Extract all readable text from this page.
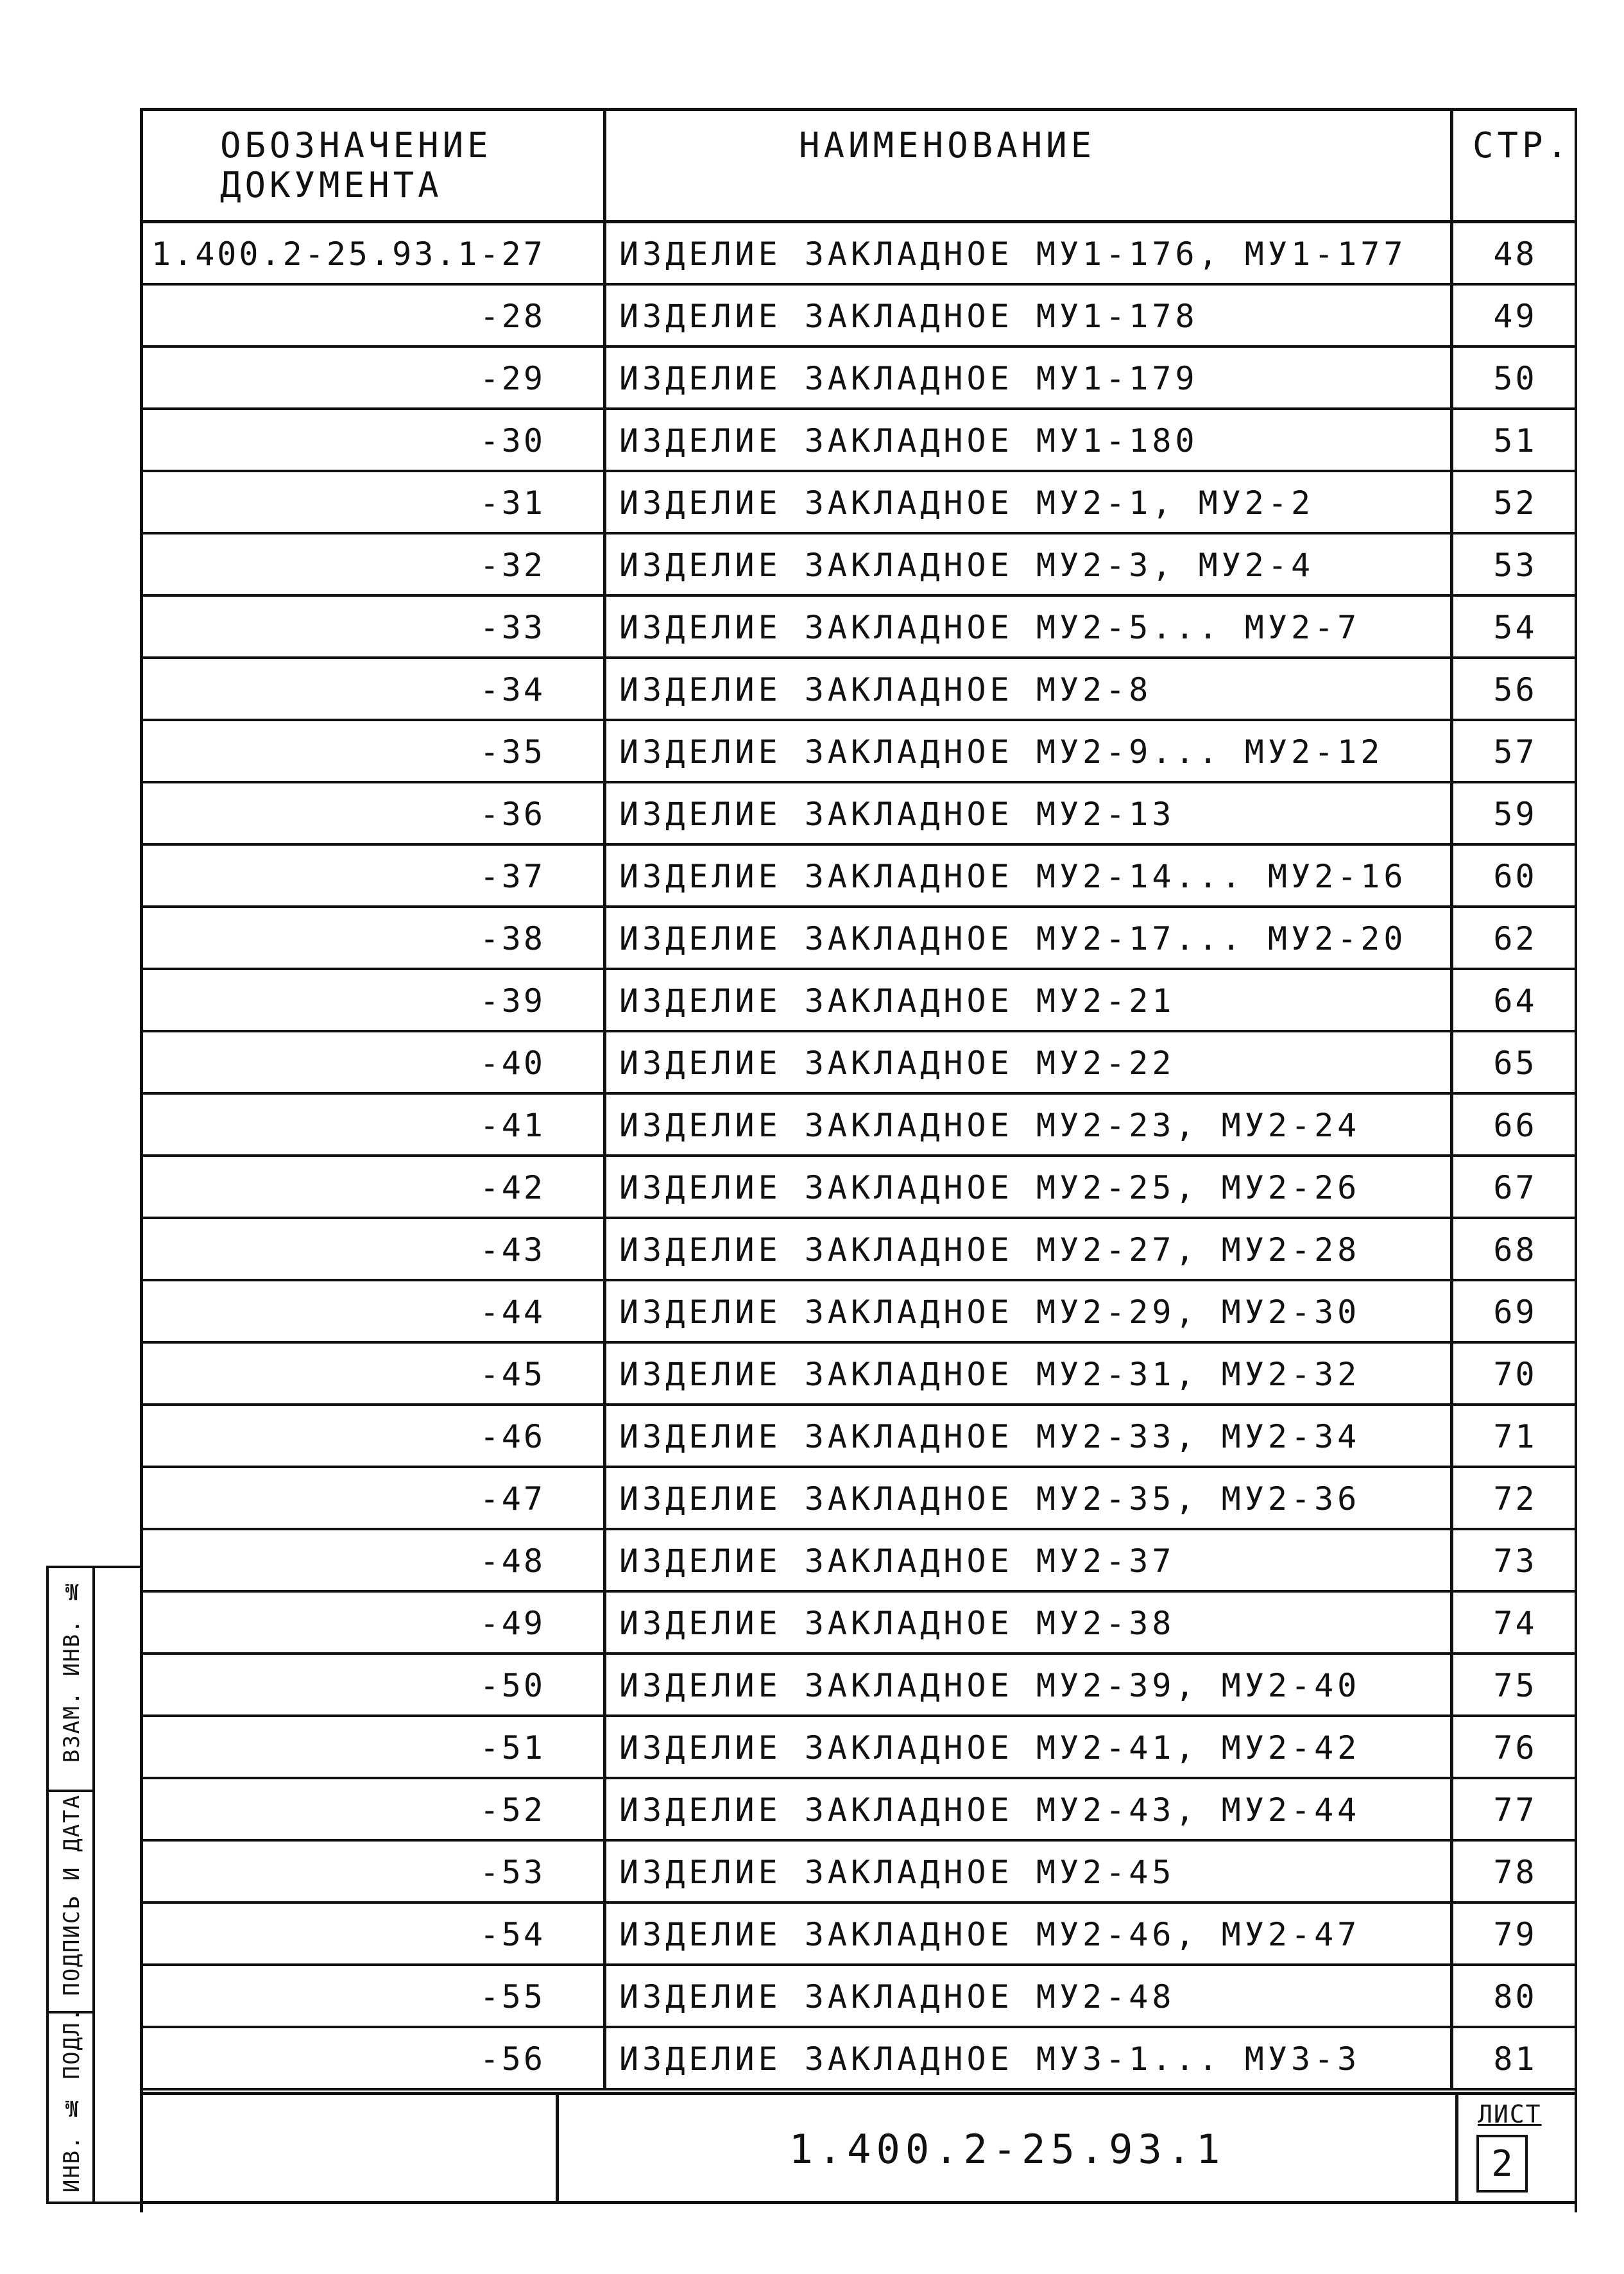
ОБОЗНАЧЕНИЕ
ДОКУМЕНТА
НАИМЕНОВАНИЕ	СТР.
1.400.2-25.93.1-27	ИЗДЕЛИЕ ЗАКЛАДНОЕ МУ1-176, МУ1-177	48
-28	ИЗДЕЛИЕ ЗАКЛАДНОЕ МУ1-178	49
-29	ИЗДЕЛИЕ ЗАКЛАДНОЕ МУ1-179	50
-30	ИЗДЕЛИЕ ЗАКЛАДНОЕ МУ1-180	51
-31	ИЗДЕЛИЕ ЗАКЛАДНОЕ МУ2-1, МУ2-2	52
-32	ИЗДЕЛИЕ ЗАКЛАДНОЕ МУ2-3, МУ2-4	53
-33	ИЗДЕЛИЕ ЗАКЛАДНОЕ МУ2-5... МУ2-7	54
-34	ИЗДЕЛИЕ ЗАКЛАДНОЕ МУ2-8	56
-35	ИЗДЕЛИЕ ЗАКЛАДНОЕ МУ2-9... МУ2-12	57
-36	ИЗДЕЛИЕ ЗАКЛАДНОЕ МУ2-13	59
-37	ИЗДЕЛИЕ ЗАКЛАДНОЕ МУ2-14... МУ2-16	60
-38	ИЗДЕЛИЕ ЗАКЛАДНОЕ МУ2-17... МУ2-20	62
-39	ИЗДЕЛИЕ ЗАКЛАДНОЕ МУ2-21	64
-40	ИЗДЕЛИЕ ЗАКЛАДНОЕ МУ2-22	65
-41	ИЗДЕЛИЕ ЗАКЛАДНОЕ МУ2-23, МУ2-24	66
-42	ИЗДЕЛИЕ ЗАКЛАДНОЕ МУ2-25, МУ2-26	67
-43	ИЗДЕЛИЕ ЗАКЛАДНОЕ МУ2-27, МУ2-28	68
-44	ИЗДЕЛИЕ ЗАКЛАДНОЕ МУ2-29, МУ2-30	69
-45	ИЗДЕЛИЕ ЗАКЛАДНОЕ МУ2-31, МУ2-32	70
-46	ИЗДЕЛИЕ ЗАКЛАДНОЕ МУ2-33, МУ2-34	71
-47	ИЗДЕЛИЕ ЗАКЛАДНОЕ МУ2-35, МУ2-36	72
-48	ИЗДЕЛИЕ ЗАКЛАДНОЕ МУ2-37	73
-49	ИЗДЕЛИЕ ЗАКЛАДНОЕ МУ2-38	74
-50	ИЗДЕЛИЕ ЗАКЛАДНОЕ МУ2-39, МУ2-40	75
-51	ИЗДЕЛИЕ ЗАКЛАДНОЕ МУ2-41, МУ2-42	76
-52	ИЗДЕЛИЕ ЗАКЛАДНОЕ МУ2-43, МУ2-44	77
-53	ИЗДЕЛИЕ ЗАКЛАДНОЕ МУ2-45	78
-54	ИЗДЕЛИЕ ЗАКЛАДНОЕ МУ2-46, МУ2-47	79
-55	ИЗДЕЛИЕ ЗАКЛАДНОЕ МУ2-48	80
-56	ИЗДЕЛИЕ ЗАКЛАДНОЕ МУ3-1... МУ3-3	81
1.400.2-25.93.1
ЛИСТ
2
ИНВ. № ПОДЛ.
ПОДПИСЬ И ДАТА
ВЗАМ. ИНВ. №
